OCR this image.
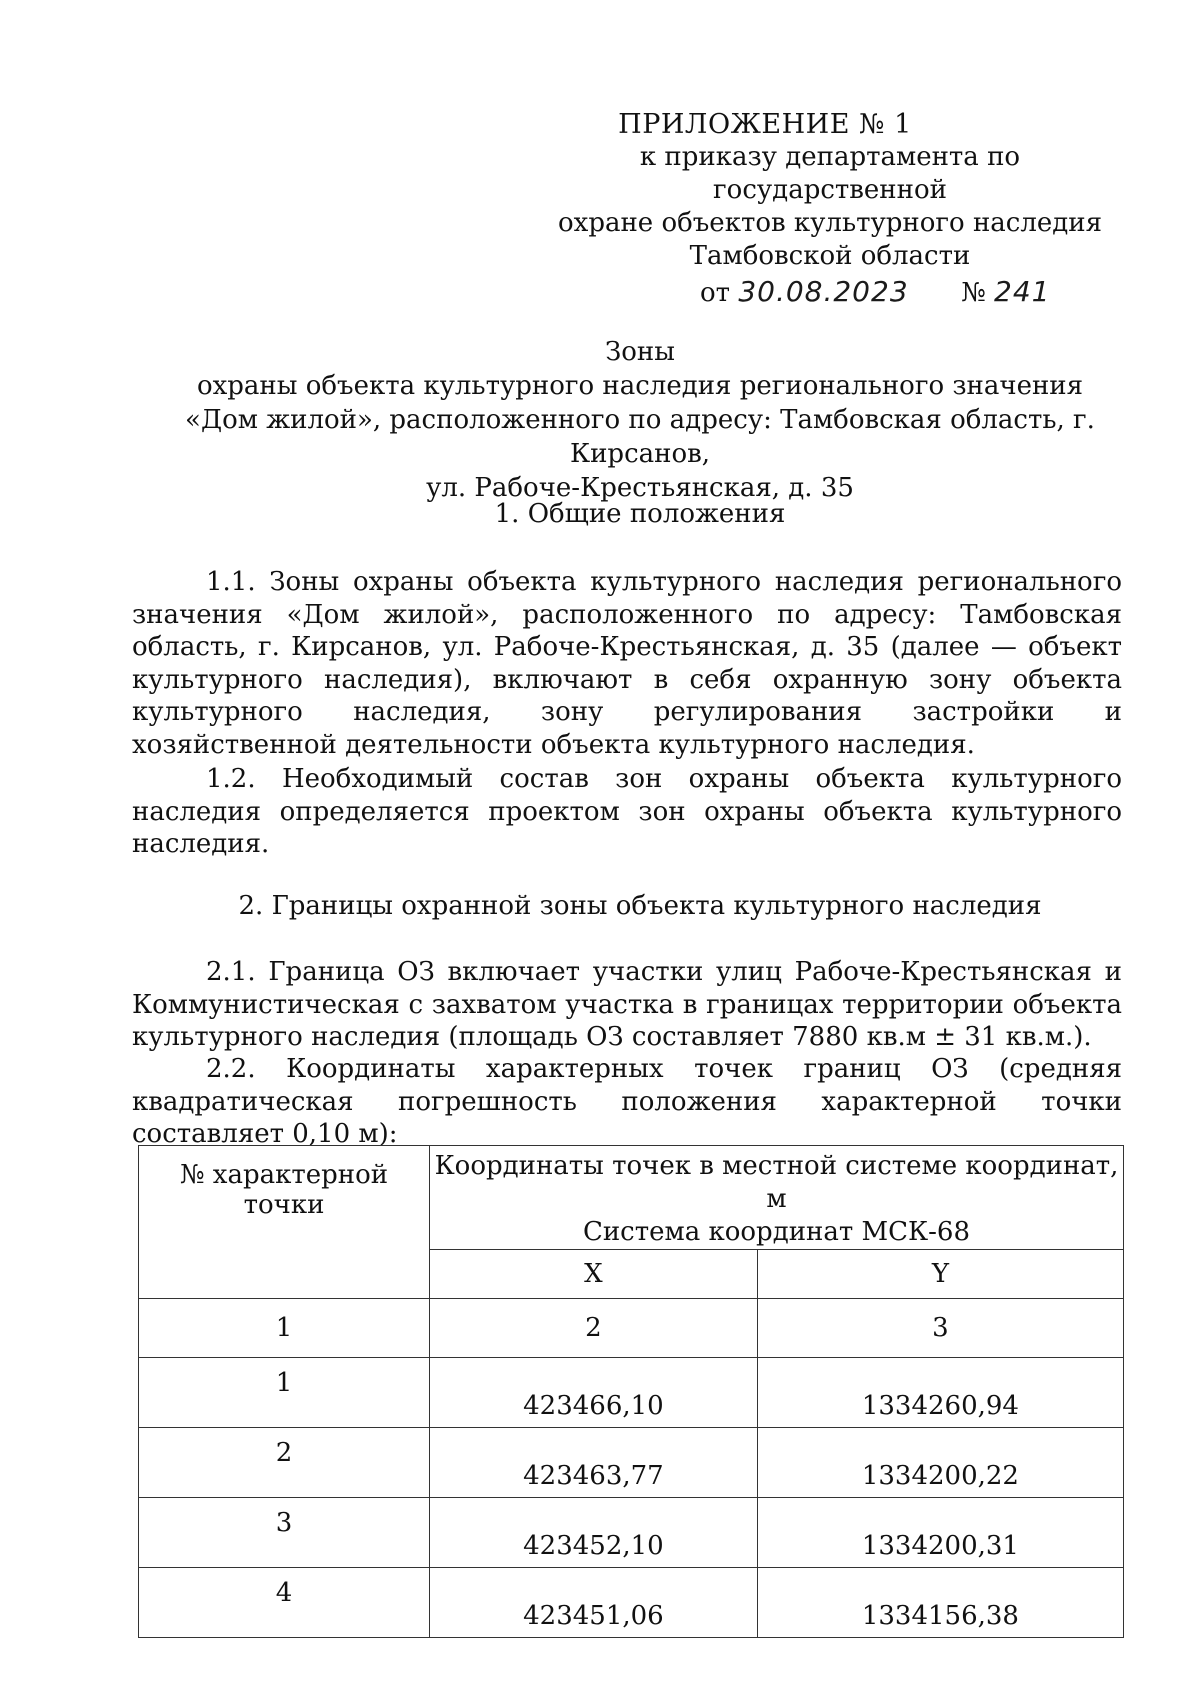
ПРИЛОЖЕНИЕ № 1
к приказу департамента по государственной
охране объектов культурного наследия
Тамбовской области
от 30.08.2023 № 241
Зоны
охраны объекта культурного наследия регионального значения
«Дом жилой», расположенного по адресу: Тамбовская область, г. Кирсанов,
ул. Рабоче-Крестьянская, д. 35
1. Общие положения

1.1. Зоны охраны объекта культурного наследия регионального значения «Дом жилой», расположенного по адресу: Тамбовская область, г. Кирсанов, ул. Рабоче-Крестьянская, д. 35 (далее — объект культурного наследия), включают в себя охранную зону объекта культурного наследия, зону регулирования застройки и хозяйственной деятельности объекта культурного наследия.

1.2. Необходимый состав зон охраны объекта культурного наследия определяется проектом зон охраны объекта культурного наследия.

2. Границы охранной зоны объекта культурного наследия

2.1. Граница ОЗ включает участки улиц Рабоче-Крестьянская и Коммунистическая с захватом участка в границах территории объекта культурного наследия (площадь ОЗ составляет 7880 кв.м ± 31 кв.м.).

2.2. Координаты характерных точек границ ОЗ (средняя квадратическая погрешность положения характерной точки составляет 0,10 м):

№ характерной точки	Координаты точек в местной системе координат, м
Система координат МСК-68	

	X	Y
1	2	3
1	423466,10	1334260,94
2	423463,77	1334200,22
3	423452,10	1334200,31
4	423451,06	1334156,38
